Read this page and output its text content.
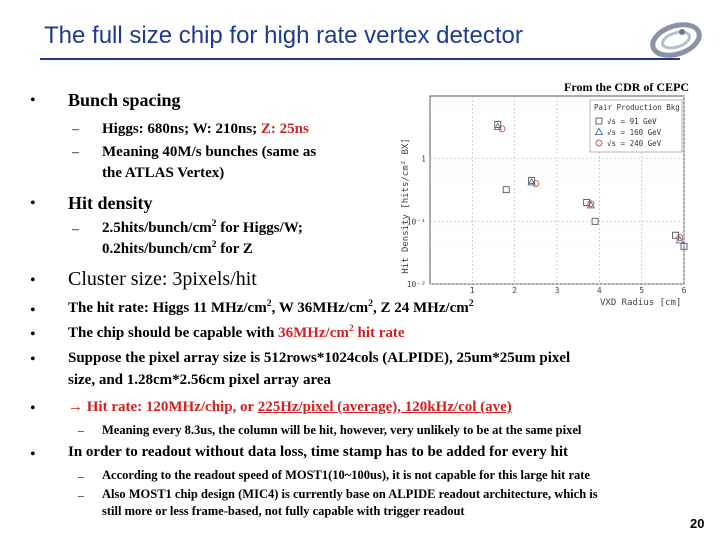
The full size chip for high rate vertex detector
From the CDR of CEPC
• Bunch spacing
– Higgs: 680ns; W: 210ns; Z: 25ns
– Meaning 40M/s bunches (same as
the ATLAS Vertex)
• Hit density
– $2.5hits/bunch/cm^2$ for Higgs/W;
$0.2hits/bunch/cm^2$ for Z
• Cluster size: 3pixels/hit
• The hit rate: Higgs 11 MHz/$cm^2$, W $36MHz/cm^2$, Z 24 MHz/$cm^2$
• The chip should be capable with $36MHz/cm^2$ hit rate
• Suppose the pixel array size is 512rows*1024cols (ALPIDE), 25um*25um pixel
size, and 1.28cm*2.56cm pixel array area
• → Hit rate: 120MHz/chip, or 225Hz/pixel (average), 120kHz/col (ave)
– Meaning every 8.3us, the column will be hit, however, very unlikely to be at the same pixel
• In order to readout without data loss, time stamp has to be added for every hit
– According to the readout speed of MOST1(10~100us), it is not capable for this large hit rate
– Also MOST1 chip design (MIC4) is currently base on ALPIDE readout architecture, which is
still more or less frame-based, not fully capable with trigger readout
20
Hit Density [hits/cm² BX]
VXD Radius [cm]
1	2	3	4	5	6
1
10⁻¹
10⁻²
Pair Production Bkg
√s = 91 GeV
√s = 160 GeV
√s = 240 GeV
